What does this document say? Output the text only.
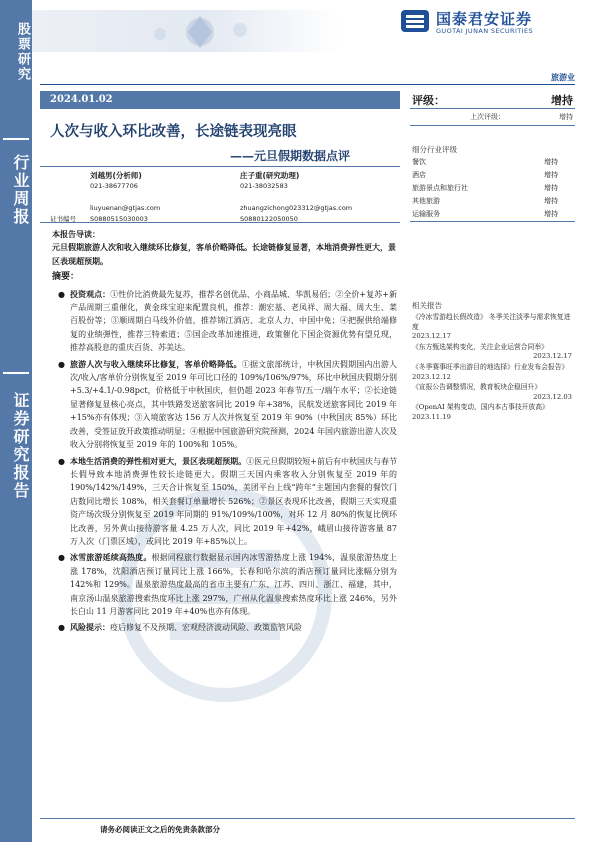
国泰君安证券
GUOTAI JUNAN SECURITIES
旅游业
股票研究
行业周报
证券研究报告
2024.01.02
人次与收入环比改善，长途链表现亮眼
——元旦假期数据点评

证书编号
刘越男(分析师)
021-38677706

liuyuenan@gtjas.com
S0880515030003
庄子重(研究助理)
021-38032583

zhuangzichong023312@gtjas.com
S0880122050050
本报告导读：
元旦假期旅游人次和收入继续环比修复，客单价略降低。长途链修复显著，本地消费弹性更大，景区表现超预期。
摘要：
● 投资观点：①性价比消费最先复苏，推荐名创优品、小商品城、华凯易佰；②全价+复苏+新产品周期三重催化，黄金珠宝迎来配置良机，推荐：潮宏基、老凤祥、周大福、周大生、菜百股份等；③顺周期白马线外价值，推荐锦江酒店、北京人力、中国中免；④把握供给端修复的业绩弹性，推荐三特索道；⑤国企改革加速推进，政策催化下国企资源优势有望兑现，推荐高股息的重庆百货、苏美达。
● 旅游人次与收入继续环比修复，客单价略降低。①据文旅部统计，中秋国庆假期国内出游人次/收入/客单价分别恢复至 2019 年可比口径的 109%/106%/97%，环比中秋国庆假期分别+5.3/+4.1/-0.98pct，价格低于中秋国庆，但仍超 2023 年春节/五一/端午水平；②长途链显著修复显核心亮点，其中铁路发送旅客同比 2019 年+38%，民航发送旅客同比 2019 年+15%亦有体现；③入境旅客达 156 万人次并恢复至 2019 年 90%（中秋国庆 85%）环比改善，受签证放开政策推动明显；④根据中国旅游研究院预测，2024 年国内旅游出游人次及收入分别将恢复至 2019 年的 100%和 105%。
● 本地生活消费的弹性相对更大，景区表现超预期。①医元旦假期较短+前后有中秋国庆与春节长假导致本地消费弹性较长途链更大。假期三天国内乘客收入分别恢复至 2019 年的 190%/142%/149%，三天合计恢复至 150%，美团平台上线“跨年”主题国内套餐的餐饮门店数同比增长 108%，相关套餐订单量增长 526%；②景区表现环比改善，假期三天实现重资产场次级分别恢复至 2019 年同期的 91%/109%/100%，对环 12 月 80%的恢复比例环比改善，另外黄山接待游客量 4.25 万人次，同比 2019 年+42%，峨眉山接待游客量 87 万人次（门票区域），或同比 2019 年+85%以上。
● 冰雪旅游延续高热度。根据同程旅行数据显示国内冰雪游热度上涨 194%，温泉旅游热度上涨 178%，沈阳酒店预订量同比上涨 166%，长春和哈尔滨的酒店预订量同比涨幅分别为 142%和 129%。温泉旅游热度最高的省市主要有广东、江苏、四川、浙江、福建，其中，南京汤山温泉旅游搜索热度环比上涨 297%，广州从化温泉搜索热度环比上涨 246%，另外长白山 11 月游客同比 2019 年+40%也亦有体现。
● 风险提示：疫后修复不及预期、宏观经济波动风险、政策监管风险
评级：	增持
上次评级：	增持
细分行业评级
餐饮	增持
酒店	增持
旅游景点和旅行社	增持
其他旅游	增持
运输服务	增持
相关报告
《冷冰雪游趋长假改造》 冬季关注淡季与需求恢复进度
2023.12.17
《东方甄选架构变化，关注企业运营合同举》
2023.12.17
《冬季赛事旺季出游目的地选择》行业发布会报告》
2023.12.12
《宣报公告调整情况，教育板块企稳回升》
2023.12.03
《OpenAI 架构变动，国内本古事技开放高》
2023.11.19
请务必阅读正文之后的免责条款部分
